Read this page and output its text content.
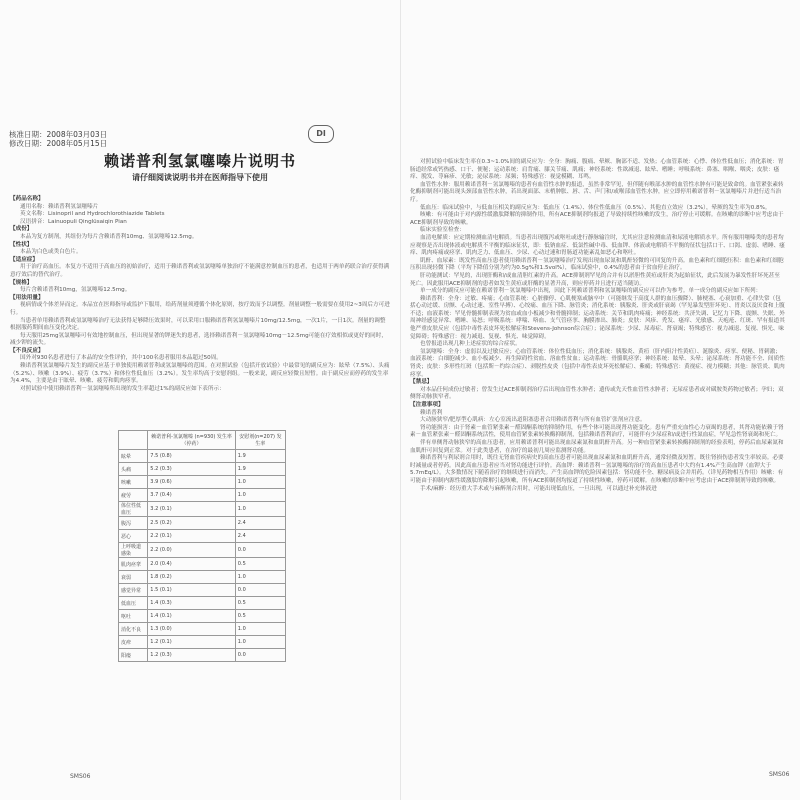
核准日期：2008年03月03日
修改日期：2008年05月15日
DI
赖诺普利氢氯噻嗪片说明书
请仔细阅读说明书并在医师指导下使用

【药品名称】

通用名称：赖诺普利氢氯噻嗪片

英文名称：Lisinopril and Hydrochlorothiazide Tablets

汉语拼音：Lainuopuli Qinglüsaiqin Pian

【成份】

本品为复方制剂，其组份为每片含赖诺普利10mg、氢氯噻嗪12.5mg。

【性状】

本品为白色或类白色片。

【适应症】

用于治疗高血压。本复方不适用于高血压的初始治疗，适用于赖诺普利或氢氯噻嗪单独治疗不能满意控制血压的患者，也适用于两单药联合治疗获得满意疗效后的替代治疗。

【规格】

每片含赖诺普利10mg，氢氯噻嗪12.5mg。

【用法用量】

视病情或个体差异而定。本品宜在医师指导或监护下服用，给药剂量须遵循个体化原则，按疗效而予以调整。剂量调整一般需要在使用2~3周后方可进行。

当患者单用赖诺普利或氢氯噻嗪治疗无法获得足够降压效果时，可以采用口服赖诺普利氢氯噻嗪片10mg/12.5mg，一次1片，一日1次。剂量的调整根据服药期间血压变化决定。

每天服用25mg氢氯噻嗪可有效地控制血压，但出现显著的钾迷失的患者，选择赖诺普利－氢氯噻嗪10mg－12.5mg可能在疗效相似或更好的同时，减少钾的流失。

【不良反应】

国外对930名患者进行了本品的安全性评价，其中100名患者服用本品超过50周。

赖诺普利氢氯噻嗪片发生的副反应基于单独使用赖诺普利或氢氯噻嗪的范围。在对照试验（包括开放试验）中最常见的副反应为：眩晕（7.5%）、头痛（5.2%）、咳嗽（3.9%）、疲劳（3.7%）和体位性低血压（3.2%）。发生率均高于安慰剂组。一般来说，副反应轻微且短暂。由于副反应而停药的发生率为4.4%，主要是由于眩晕、咳嗽、疲劳和肌肉痉挛。

对照试验中使用赖诺普利－氢氯噻嗪所出现的发生率超过1%的副反应如下表所示：

	赖诺普利-氢氯噻嗪 (n=930) 发生率（停药）	安慰剂(n=207) 发生率
眩晕	7.5 (0.8)	1.9
头痛	5.2 (0.3)	1.9
咳嗽	3.9 (0.6)	1.0
疲劳	3.7 (0.4)	1.0
体位性低血压	3.2 (0.1)	1.0
腹泻	2.5 (0.2)	2.4
恶心	2.2 (0.1)	2.4
上呼吸道感染	2.2 (0.0)	0.0
肌肉痉挛	2.0 (0.4)	0.5
衰弱	1.8 (0.2)	1.0
感觉异常	1.5 (0.1)	0.0
低血压	1.4 (0.3)	0.5
呕吐	1.4 (0.1)	0.5
消化不良	1.3 (0.0)	1.0
皮疹	1.2 (0.1)	1.0
阳痿	1.2 (0.3)	0.0

对照试验中临床发生率在0.3~1.0%间的副反应为：全身：胸痛、腹痛、晕厥、胸部不适、发热；心血管系统：心悸、体位性低血压；消化系统：胃肠道经常或钙热感、口干、便秘；运动系统：肩背痛、膝关节痛、肌痛；神经系统：性欲减退、眩晕、嗜睡；呼吸系统：鼻塞、咽喉、咽炎；皮肤：瘙痒、脱发、荨麻疹、光敏；泌尿系统：尿频；特殊感官：视觉模糊、耳鸣。

血管性水肿：服用赖诺普利－氢氯噻嗪的患者有血管性水肿的报道，虽然非常罕见，但伴随有喉部水肿的血管性水肿有可能是致命的。血管紧张素转化酶抑制剂可能出现头颈部血管性水肿，若出现面部、末梢肿胀、唇、舌、声门和/或喉部血管性水肿，应立即停用赖诺普利－氢氯噻嗪片并进行适当治疗。

低血压：临床试验中，与低血压相关的副反应为：低血压（1.4%）、体位性低血压（0.5%）、其他直立效应（3.2%），晕厥的发生率为0.8%。

咳嗽：有可能由于对内源性缓激肽降解的抑制作用，所有ACE抑制剂均报道了导致持续性咳嗽的发生，治疗停止可缓解。在咳嗽的诊断中应考虑由于ACE抑制剂导致的咳嗽。

临床实验室检查：

血清电解质：应定期检测血清电解质。当患者出现腹泻或呕吐或进行静脉输注时，尤其应注意检测血清和尿液电解质水平。所有服用噻嗪类的患者均应观察是否出现体液或电解质不平衡的临床征状，即：低钠血症、低氯性碱中毒、低血钾、体液或电解质不平衡的征状包括口干、口渴、虚弱、嗜睡、瘙痒、肌肉疼痛或痉挛、肌肉乏力、低血压、少尿、心动过速和胃肠道功能紊乱如恶心和呕吐。

肌酐、血尿素：既发性高血压患者使用赖诺普利－氢氯噻嗪治疗发现出现血尿氮和肌酐轻微的可回复的升高。血色素和红细胞压积：血色素和红细胞压积出现轻微下降（平均下降值分别为约为0.5g%和1.5vol%），临床试验中，0.4%的患者由于贫血停止治疗。

肝功能测试：罕见的，出现肝酶和/或血清胆红素的升高。ACE抑制剂罕见的合并有以淤胆性黄疸或肝炎为起始征状，此后发展为暴发性肝坏死甚至死亡。因此服用ACE抑制剂的患者如发生黄疸或肝酶的显著升高，则应停药并且进行适当随访。

单一成分的副反应可能在赖诺普利－氢氯噻嗪中出现，因此下列赖诺普利和氢氯噻嗪的副反应可以作为参考。单一成分的副反应如下所列：

赖诺普利：全身：过敏、疼痛；心血管系统：心脏骤停、心肌梗塞或脑卒中（可能继发于高度人群的血压骤降）、肺梗塞、心衰加重、心律失常（包括心动过缓、房颤、心动过速、室性早搏）、心绞痛、血压下降、脉管炎；消化系统：胰腺炎、肝炎或肝衰竭（罕见暴发型肝坏死）、胃炎以及厌食和上腹不适；血液系统：罕见骨髓抑制表现为贫血或血小板减少和骨髓抑制；运动系统：关节和肌肉疼痛；神经系统：共济失调、记忆力下降、震颤、失眠、外周神经感觉异常、嗜睡、易怒；呼吸系统：哮喘、咯血、支气管痉挛、胸膜渗出、肺炎；皮肤：风疹、秃发、瘙痒、光敏感、天疱疮、红斑、罕有报道其他严重皮肤反应（包括中毒性表皮坏死松解症和Stevens-Johnson综合症）；泌尿系统：少尿、尿毒症、肾衰竭；特殊感官：视力减退、复视、惧光、味觉障碍；特殊感官：视力减退、复视、惧光、味觉障碍。

也曾报道出现几种上述症状的综合症状。

氢氯噻嗪：全身：虚弱以及过敏反应；心血管系统：体位性低血压；消化系统：胰腺炎、黄疸（肝内阻汁性黄疸）、涎腺炎、痉挛、便秘、胃刺激；血液系统：白细胞减少、血小板减少、再生障碍性贫血、溶血性贫血；运动系统：骨骼肌痉挛；神经系统：眩晕、头晕；泌尿系统：肾功能不全、间质性肾炎；皮肤：多形性红斑（包括斯－约综合症）、剥脱性皮炎（包括中毒性表皮坏死松解症）、紫癜；特殊感官：黄视症、视力模糊；其他：脉管炎、肌肉痉挛。

【禁忌】

对本品任何成份过敏者；曾发生过ACE抑制剂治疗后出现血管性水肿者；遗传或先天性血管性水肿者；无尿症患者或对磺胺类药物过敏者；孕妇；双侧肾动脉狭窄者。

【注意事项】

赖诺普利

大动脉狭窄/肥厚型心肌病：左心室流出道阻塞患者合用赖诺普利与所有血管扩张剂应注意。

肾功能损害：由于肾素－血管紧张素－醛固酮系统的抑制作用，有些个体可能出现肾功能变化。患有严重充血性心力衰竭的患者，其肾功能依赖于肾素－血管紧张素－醛固酮系统活性，使用血管紧张素转换酶抑制剂，包括赖诺普利治疗，可能伴有少尿症和/或进行性氮血症，罕见急性肾衰竭和死亡。

伴有单侧肾动脉狭窄的高血压患者，应用赖诺普利可能出现血尿素氮和血肌酐升高。另一种血管紧张素转换酶抑制剂的经验表明，停药后血尿素氮和血肌酐可回复到正常。对于此类患者，在治疗的最初几周应监测肾功能。

赖诺普利与利尿剂合用时，既往无肾血管疾病史的高血压患者可能出现血尿素氮和血肌酐升高，通常轻微及短暂。既往肾损伤患者发生率较高。必要时减量或者停药。因此高血压患者应当对肾功能进行评价。高血钾：赖诺普利－氢氯噻嗪的治疗的高血压患者中大约有1.4%产生高血钾（血钾大于5.7mEq/L）。大多数情况下随着治疗的继续进行而消失。产生高血钾的危险因素包括：肾功能不全、糖尿病及合并用药。（详见药物相互作用）咳嗽：有可能由于抑制内源性缓激肽的降解引起咳嗽，所有ACE抑制剂均报道了持续性咳嗽，停药可缓解。在咳嗽的诊断中应考虑由于ACE抑制剂导致的咳嗽。

手术/麻醉：经历重大手术或与麻醉剂合用时，可能出现低血压，一旦出现，可以通过补充体液进

SMS06	SMS06
